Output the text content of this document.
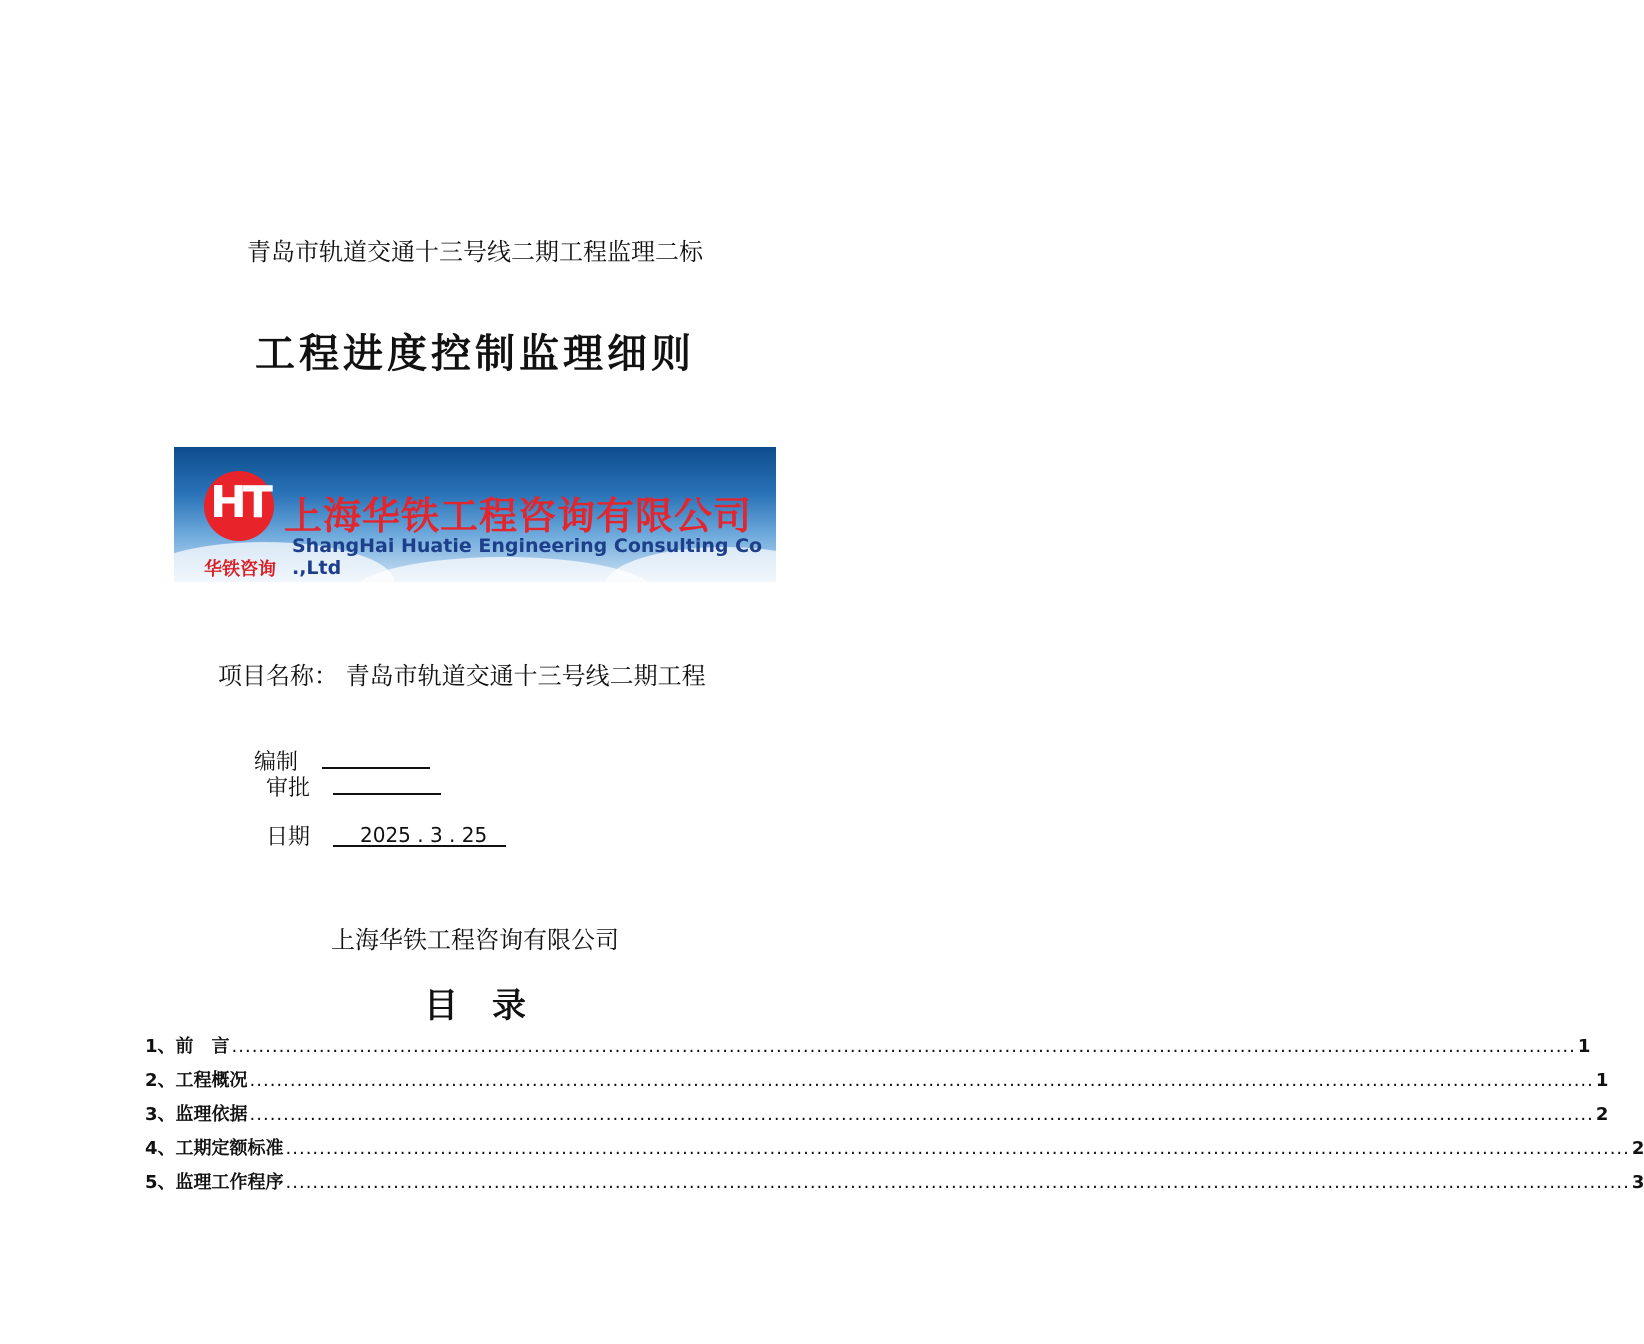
青岛市轨道交通十三号线二期工程监理二标
工程进度控制监理细则
HT
华铁咨询
上海华铁工程咨询有限公司
ShangHai Huatie Engineering Consulting Co .,Ltd
项目名称： 青岛市轨道交通十三号线二期工程
编制
审批
日期 2025 . 3 . 25
上海华铁工程咨询有限公司
目　录
1、前　言 ........................................................................................................................................................................................................ 1
2、工程概况 ........................................................................................................................................................................................................ 1
3、监理依据 ........................................................................................................................................................................................................ 2
4、工期定额标准 ........................................................................................................................................................................................................ 2
5、监理工作程序 ........................................................................................................................................................................................................ 3
